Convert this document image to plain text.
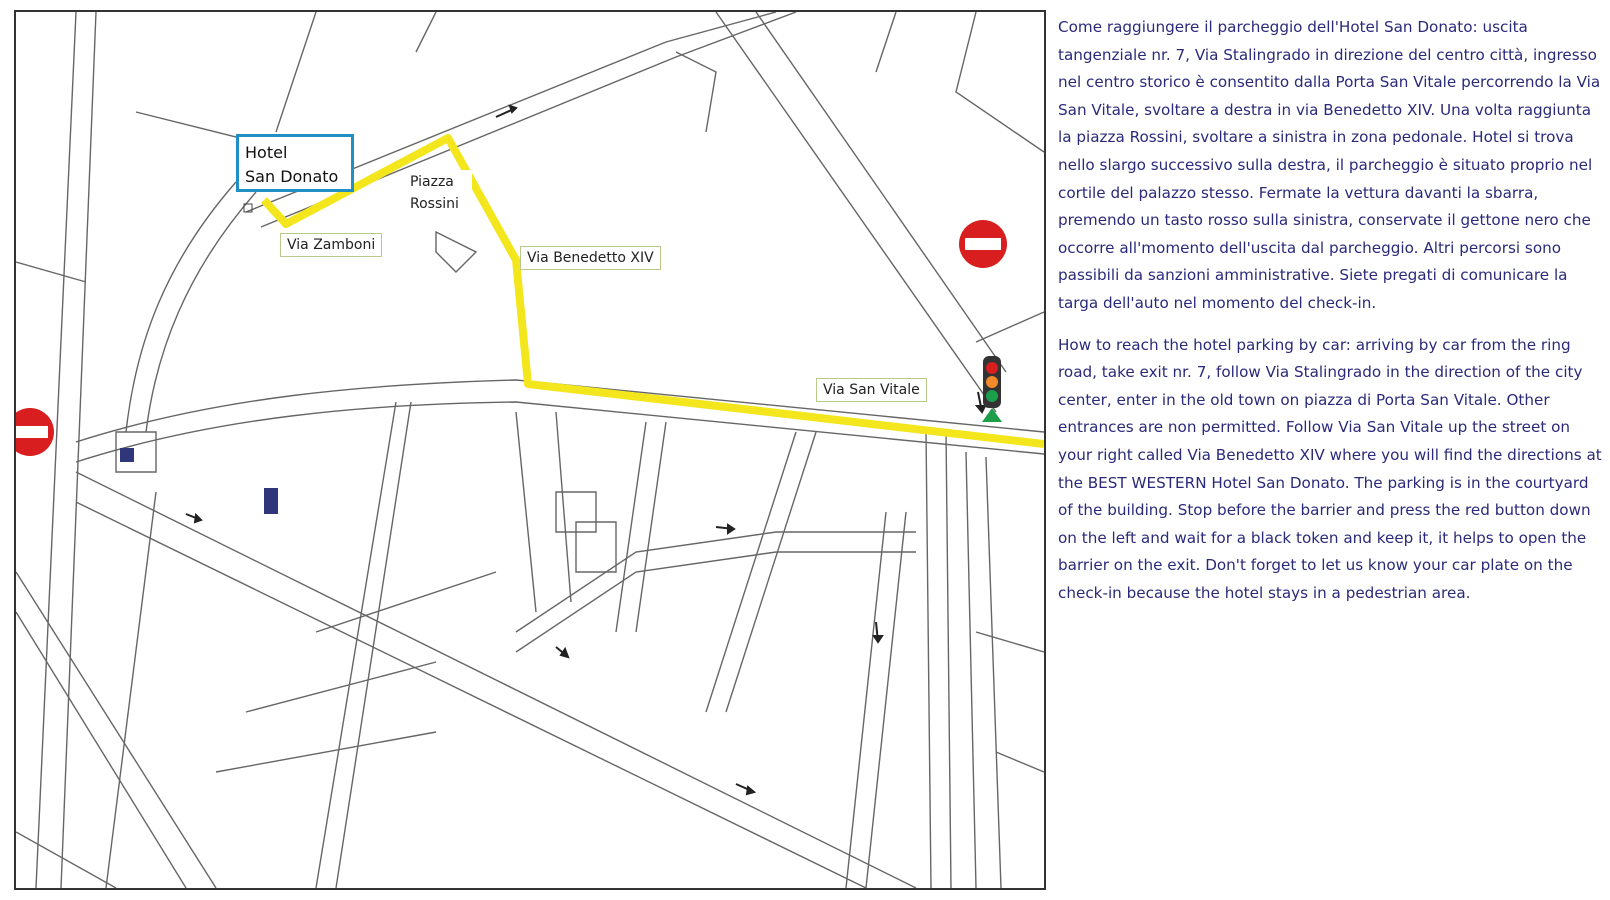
Hotel
San Donato	Piazza
Rossini
Via Zamboni
Via Benedetto XIV
Via San Vitale

Come raggiungere il parcheggio dell'Hotel San Donato: uscita tangenziale nr. 7, Via Stalingrado in direzione del centro città, ingresso nel centro storico è consentito dalla Porta San Vitale percorrendo la Via San Vitale, svoltare a destra in via Benedetto XIV. Una volta raggiunta la piazza Rossini, svoltare a sinistra in zona pedonale. Hotel si trova nello slargo successivo sulla destra, il parcheggio è situato proprio nel cortile del palazzo stesso. Fermate la vettura davanti la sbarra, premendo un tasto rosso sulla sinistra, conservate il gettone nero che occorre all'momento dell'uscita dal parcheggio. Altri percorsi sono passibili da sanzioni amministrative. Siete pregati di comunicare la targa dell'auto nel momento del check-in.

How to reach the hotel parking by car: arriving by car from the ring road, take exit nr. 7, follow Via Stalingrado in the direction of the city center, enter in the old town on piazza di Porta San Vitale. Other entrances are non permitted. Follow Via San Vitale up the street on your right called Via Benedetto XIV where you will find the directions at the BEST WESTERN Hotel San Donato. The parking is in the courtyard of the building. Stop before the barrier and press the red button down on the left and wait for a black token and keep it, it helps to open the barrier on the exit. Don't forget to let us know your car plate on the check-in because the hotel stays in a pedestrian area.
